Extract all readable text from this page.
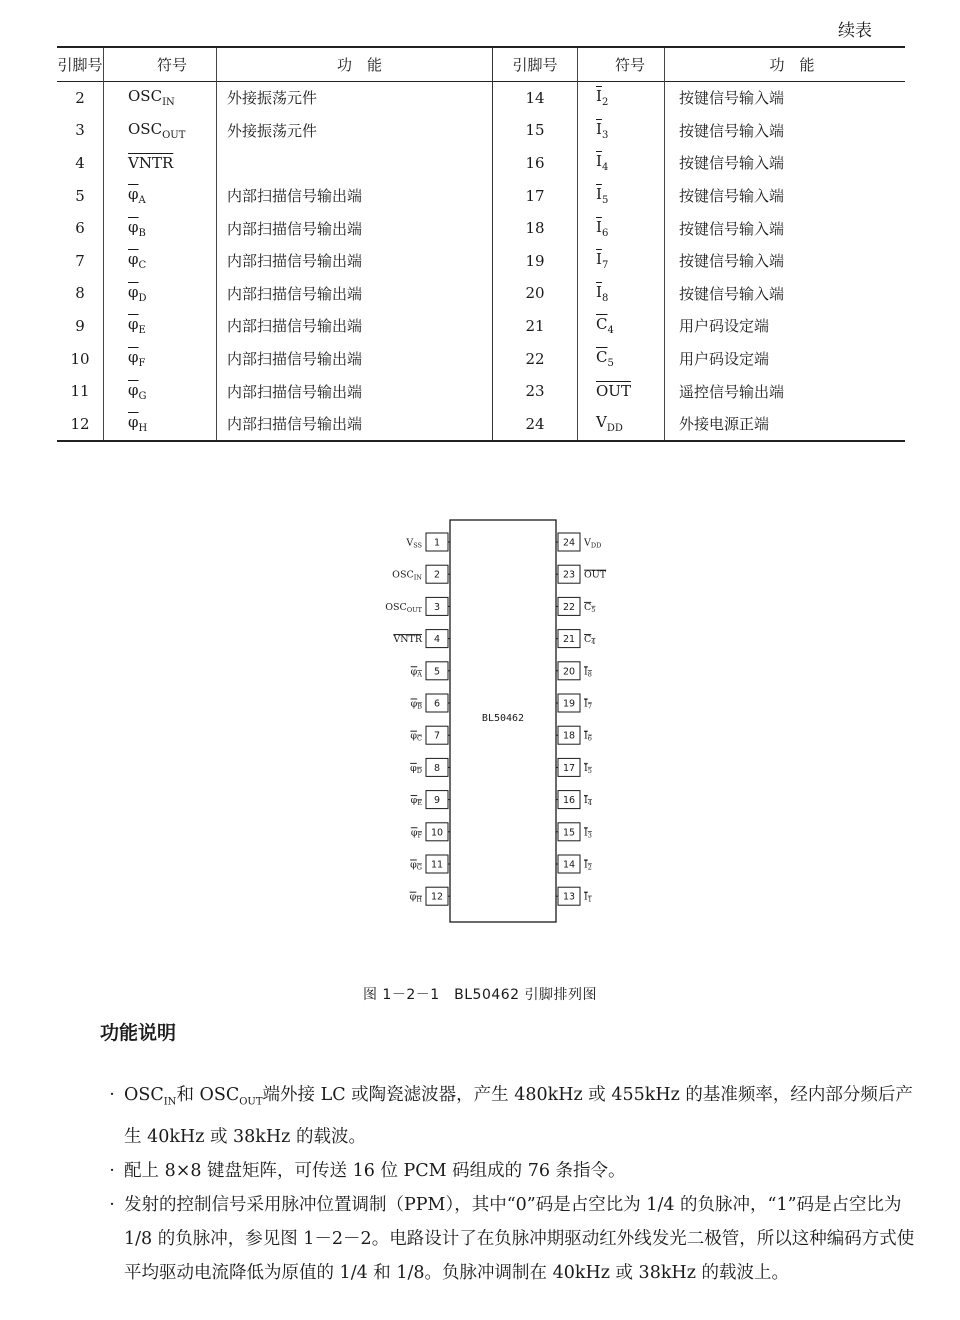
续表
引脚号	符号	功　能	引脚号	符号	功　能
2	$OSC_{IN}$	外接振荡元件	14	$\overline{I}_2$	按键信号输入端
3	$OSC_{OUT}$	外接振荡元件	15	$\overline{I}_3$	按键信号输入端
4	VNTR		16	$\overline{I}_4$	按键信号输入端
5	$\overline{\varphi}_A$	内部扫描信号输出端	17	$\overline{I}_5$	按键信号输入端
6	$\overline{\varphi}_B$	内部扫描信号输出端	18	$\overline{I}_6$	按键信号输入端
7	$\overline{\varphi}_C$	内部扫描信号输出端	19	$\overline{I}_7$	按键信号输入端
8	$\overline{\varphi}_D$	内部扫描信号输出端	20	$\overline{I}_8$	按键信号输入端
9	$\overline{\varphi}_E$	内部扫描信号输出端	21	$\overline{C}_4$	用户码设定端
10	$\overline{\varphi}_F$	内部扫描信号输出端	22	$\overline{C}_5$	用户码设定端
11	$\overline{\varphi}_G$	内部扫描信号输出端	23	$\overline{OUT}$	遥控信号输出端
12	$\overline{\varphi}_H$	内部扫描信号输出端	24	$V_{DD}$	外接电源正端
BL50462
1
$V_{SS}$
2
$OSC_{IN}$
3
$OSC_{OUT}$
4
VNTR
5
$\varphi_A$
6
$\varphi_B$
7
$\varphi_C$
8
$\varphi_D$
9
$\varphi_E$
10
$\varphi_F$
11
$\varphi_G$
12
$\varphi_H$
24 $V_{DD}$
23 OUT
22 $C_5$
21 $C_4$
20 $I_8$
19 $I_7$
18 $I_6$
17 $I_5$
16 $I_4$
15 $I_3$
14 $I_2$
13 $I_1$
图 1－2－1　BL50462 引脚排列图
功能说明
· $OSC_{IN}$和 $OSC_{OUT}$端外接 LC 或陶瓷滤波器，产生 480kHz 或 455kHz 的基准频率，经内部分频后产生 40kHz 或 38kHz 的载波。
· 配上 8×8 键盘矩阵，可传送 16 位 PCM 码组成的 76 条指令。
· 发射的控制信号采用脉冲位置调制（PPM），其中“0”码是占空比为 1/4 的负脉冲，“1”码是占空比为 1/8 的负脉冲，参见图 1－2－2。电路设计了在负脉冲期驱动红外线发光二极管，所以这种编码方式使平均驱动电流降低为原值的 1/4 和 1/8。负脉冲调制在 40kHz 或 38kHz 的载波上。
